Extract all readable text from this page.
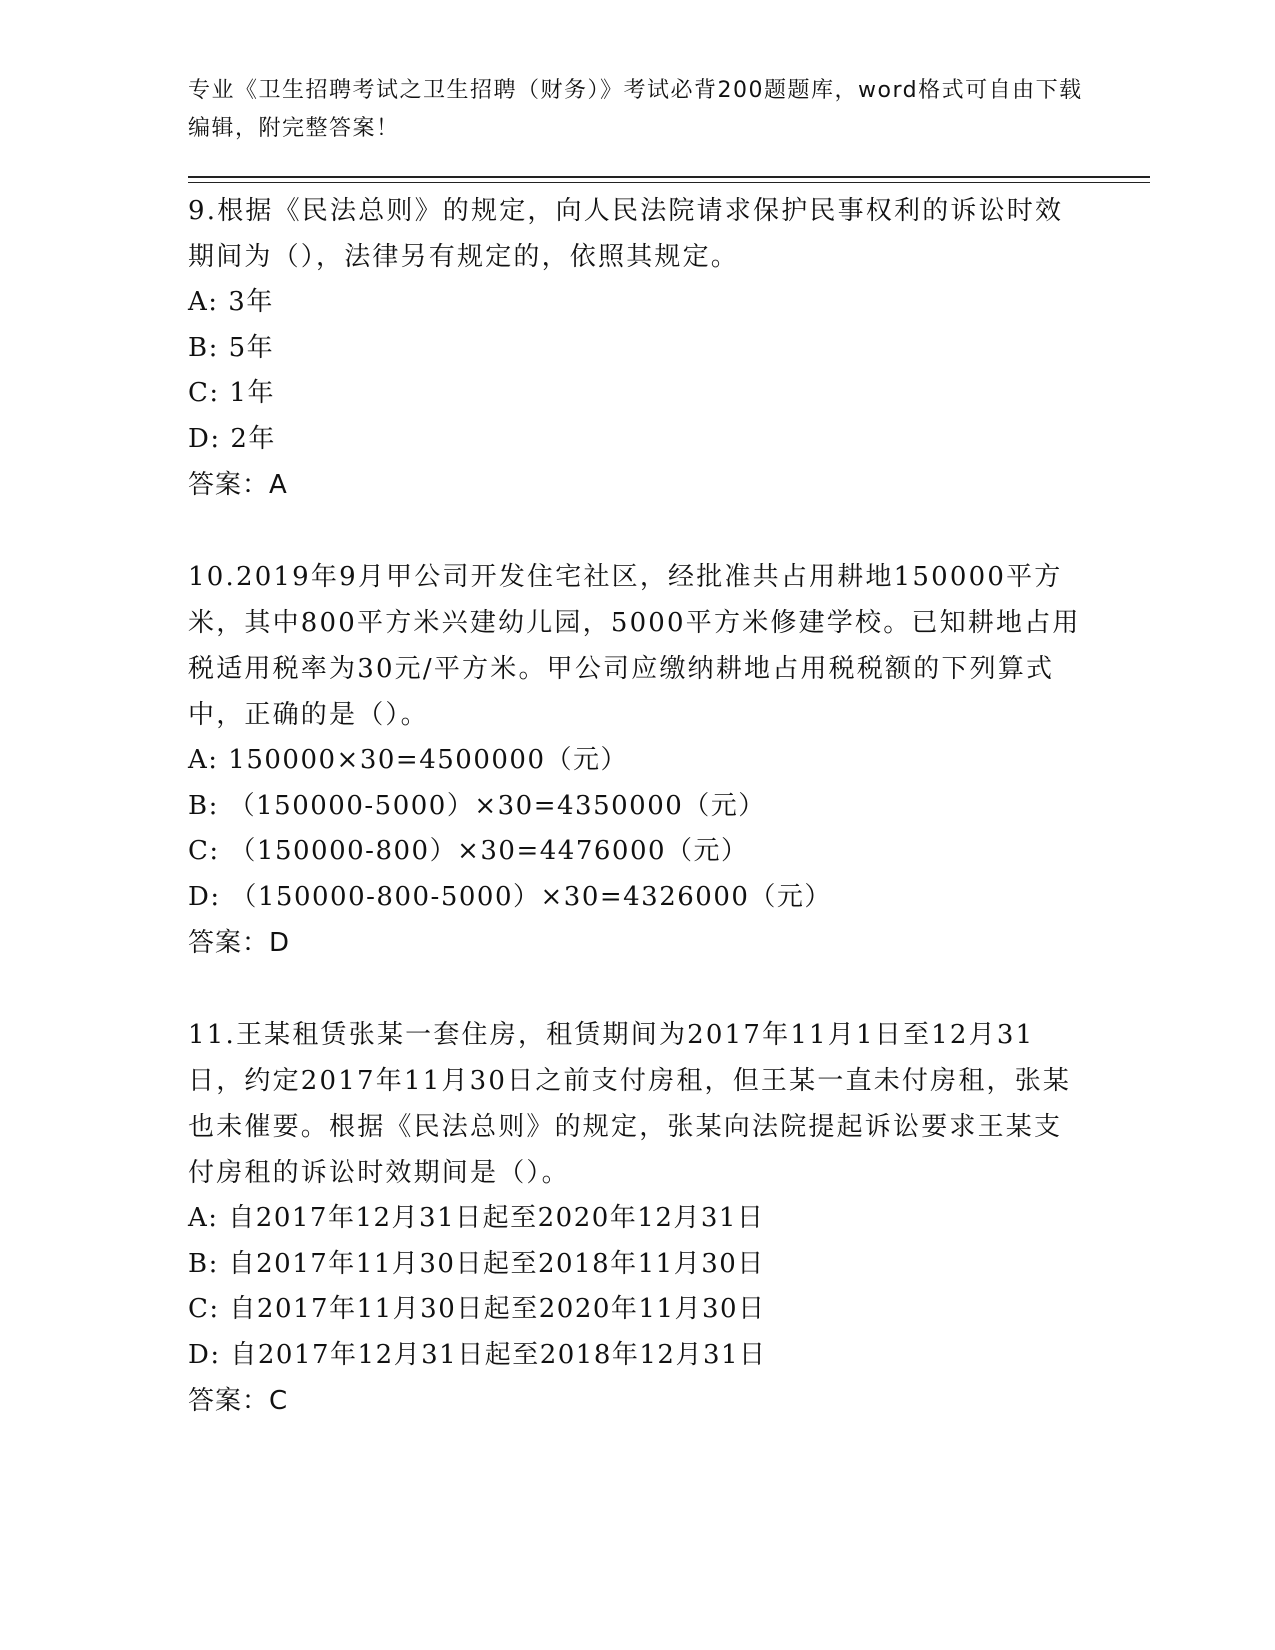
专业《卫生招聘考试之卫生招聘（财务）》考试必背200题题库，word格式可自由下载编辑，附完整答案！

9.根据《民法总则》的规定，向人民法院请求保护民事权利的诉讼时效期间为（），法律另有规定的，依照其规定。

A: 3年

B: 5年

C: 1年

D: 2年

答案：A

10.2019年9月甲公司开发住宅社区，经批准共占用耕地150000平方米，其中800平方米兴建幼儿园，5000平方米修建学校。已知耕地占用税适用税率为30元/平方米。甲公司应缴纳耕地占用税税额的下列算式中，正确的是（）。

A: 150000×30=4500000（元）

B: （150000-5000）×30=4350000（元）

C: （150000-800）×30=4476000（元）

D: （150000-800-5000）×30=4326000（元）

答案：D

11.王某租赁张某一套住房，租赁期间为2017年11月1日至12月31日，约定2017年11月30日之前支付房租，但王某一直未付房租，张某也未催要。根据《民法总则》的规定，张某向法院提起诉讼要求王某支付房租的诉讼时效期间是（）。

A: 自2017年12月31日起至2020年12月31日

B: 自2017年11月30日起至2018年11月30日

C: 自2017年11月30日起至2020年11月30日

D: 自2017年12月31日起至2018年12月31日

答案：C
